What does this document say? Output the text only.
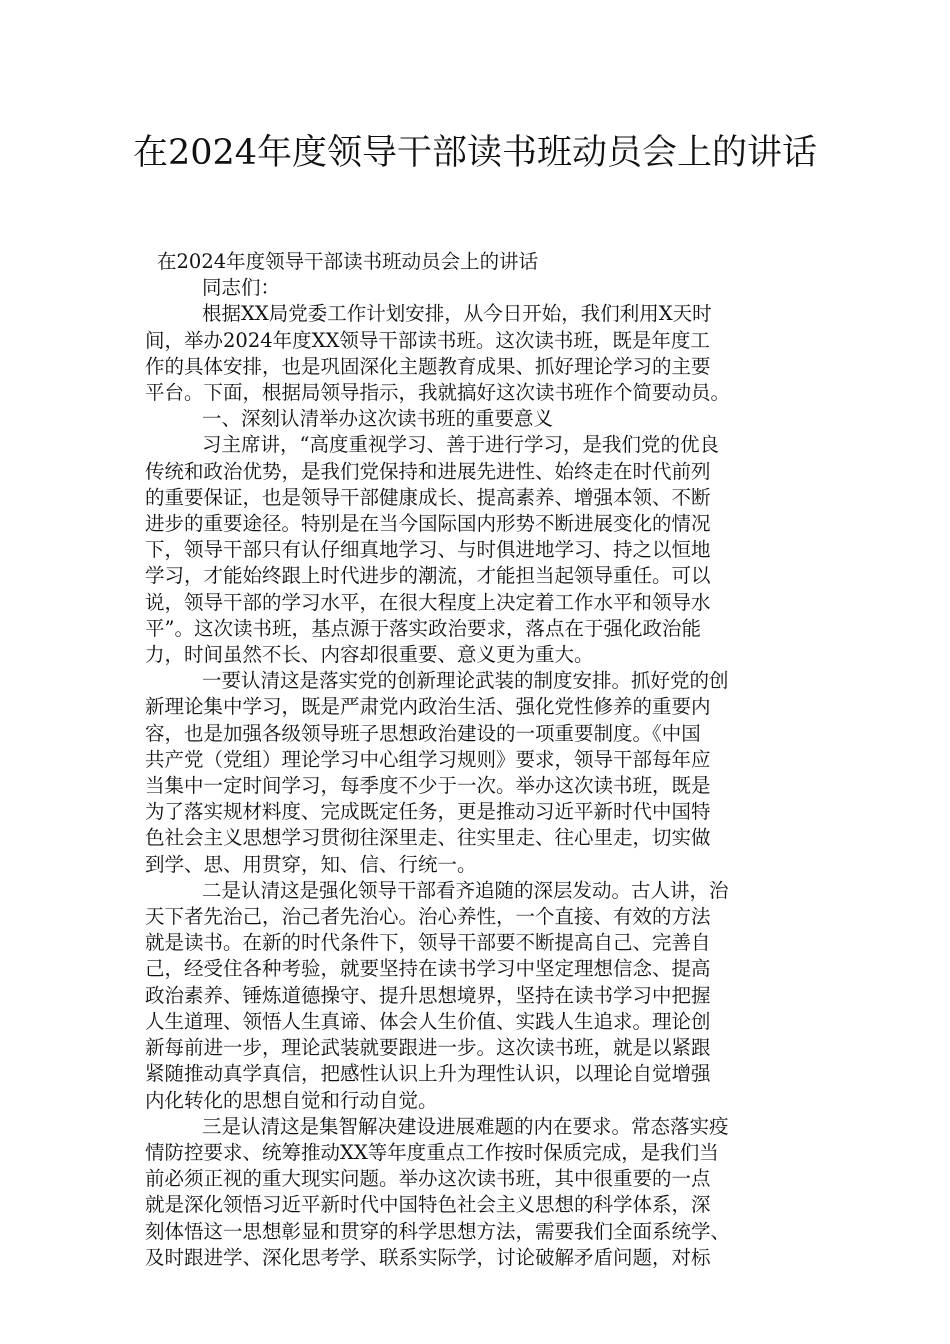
在2024年度领导干部读书班动员会上的讲话
在2024年度领导干部读书班动员会上的讲话
同志们：
根据XX局党委工作计划安排，从今日开始，我们利用X天时
间，举办2024年度XX领导干部读书班。这次读书班，既是年度工
作的具体安排，也是巩固深化主题教育成果、抓好理论学习的主要
平台。下面，根据局领导指示，我就搞好这次读书班作个简要动员。
一、深刻认清举办这次读书班的重要意义
习主席讲，“高度重视学习、善于进行学习，是我们党的优良
传统和政治优势，是我们党保持和进展先进性、始终走在时代前列
的重要保证，也是领导干部健康成长、提高素养、增强本领、不断
进步的重要途径。特别是在当今国际国内形势不断进展变化的情况
下，领导干部只有认仔细真地学习、与时俱进地学习、持之以恒地
学习，才能始终跟上时代进步的潮流，才能担当起领导重任。可以
说，领导干部的学习水平，在很大程度上决定着工作水平和领导水
平”。这次读书班，基点源于落实政治要求，落点在于强化政治能
力，时间虽然不长、内容却很重要、意义更为重大。
一要认清这是落实党的创新理论武装的制度安排。抓好党的创
新理论集中学习，既是严肃党内政治生活、强化党性修养的重要内
容，也是加强各级领导班子思想政治建设的一项重要制度。《中国
共产党（党组）理论学习中心组学习规则》要求，领导干部每年应
当集中一定时间学习，每季度不少于一次。举办这次读书班，既是
为了落实规材料度、完成既定任务，更是推动习近平新时代中国特
色社会主义思想学习贯彻往深里走、往实里走、往心里走，切实做
到学、思、用贯穿，知、信、行统一。
二是认清这是强化领导干部看齐追随的深层发动。古人讲，治
天下者先治己，治己者先治心。治心养性，一个直接、有效的方法
就是读书。在新的时代条件下，领导干部要不断提高自己、完善自
己，经受住各种考验，就要坚持在读书学习中坚定理想信念、提高
政治素养、锤炼道德操守、提升思想境界，坚持在读书学习中把握
人生道理、领悟人生真谛、体会人生价值、实践人生追求。理论创
新每前进一步，理论武装就要跟进一步。这次读书班，就是以紧跟
紧随推动真学真信，把感性认识上升为理性认识，以理论自觉增强
内化转化的思想自觉和行动自觉。
三是认清这是集智解决建设进展难题的内在要求。常态落实疫
情防控要求、统筹推动XX等年度重点工作按时保质完成，是我们当
前必须正视的重大现实问题。举办这次读书班，其中很重要的一点
就是深化领悟习近平新时代中国特色社会主义思想的科学体系，深
刻体悟这一思想彰显和贯穿的科学思想方法，需要我们全面系统学、
及时跟进学、深化思考学、联系实际学，讨论破解矛盾问题，对标
